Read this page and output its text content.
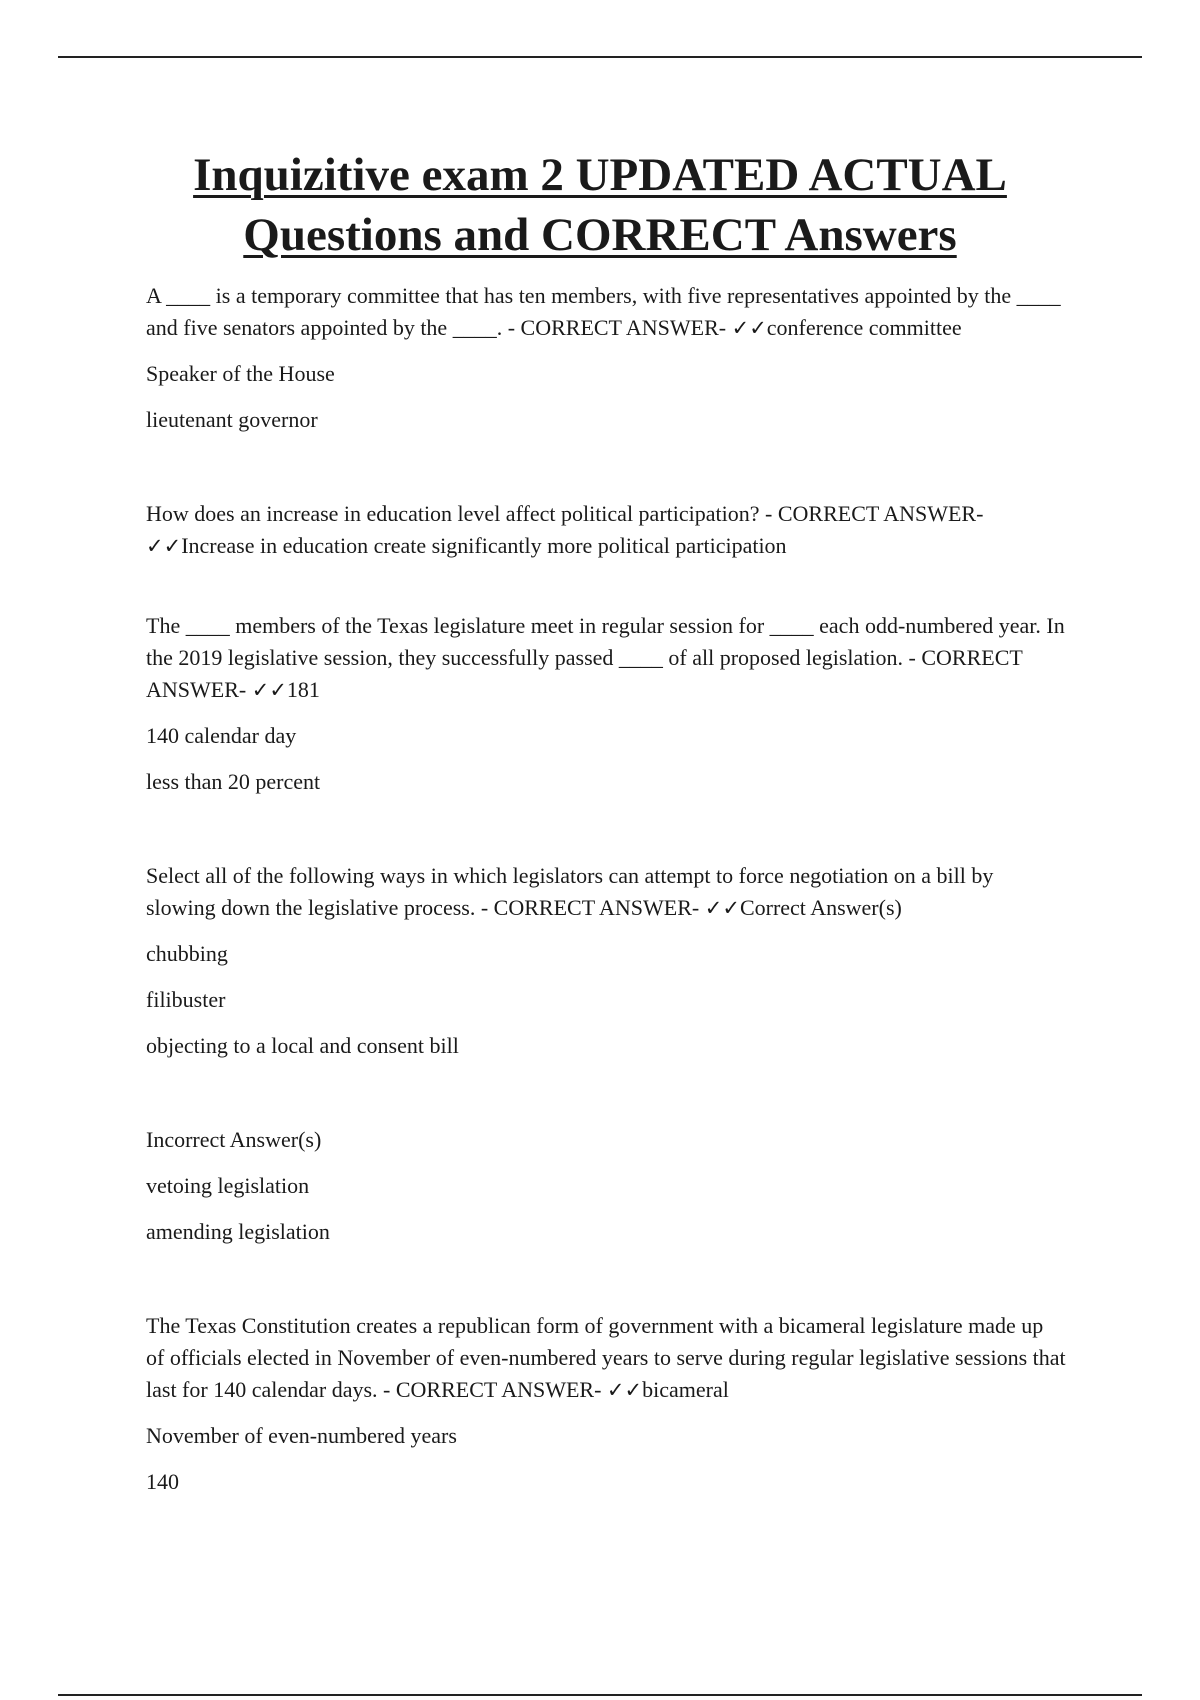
Inquizitive exam 2 UPDATED ACTUAL
Questions and CORRECT Answers

A ____ is a temporary committee that has ten members, with five representatives appointed by the ____ and five senators appointed by the ____. - CORRECT ANSWER- ✓✓conference committee

Speaker of the House

lieutenant governor

How does an increase in education level affect political participation? - CORRECT ANSWER- ✓✓Increase in education create significantly more political participation

The ____ members of the Texas legislature meet in regular session for ____ each odd-numbered year. In the 2019 legislative session, they successfully passed ____ of all proposed legislation. - CORRECT ANSWER- ✓✓181

140 calendar day

less than 20 percent

Select all of the following ways in which legislators can attempt to force negotiation on a bill by slowing down the legislative process. - CORRECT ANSWER- ✓✓Correct Answer(s)

chubbing

filibuster

objecting to a local and consent bill

Incorrect Answer(s)

vetoing legislation

amending legislation

The Texas Constitution creates a republican form of government with a bicameral legislature made up of officials elected in November of even-numbered years to serve during regular legislative sessions that last for 140 calendar days. - CORRECT ANSWER- ✓✓bicameral

November of even-numbered years

140
